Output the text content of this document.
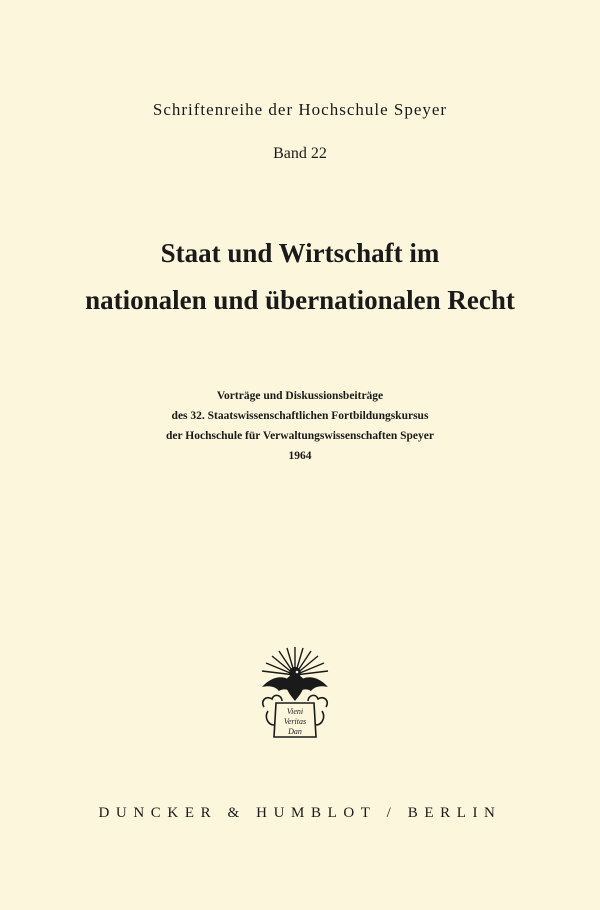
Schriftenreihe der Hochschule Speyer
Band 22
Staat und Wirtschaft im
nationalen und übernationalen Recht
Vorträge und Diskussionsbeiträge
des 32. Staatswissenschaftlichen Fortbildungskursus
der Hochschule für Verwaltungswissenschaften Speyer
1964
Vieni
Veritas
Dan
DUNCKER & HUMBLOT / BERLIN
